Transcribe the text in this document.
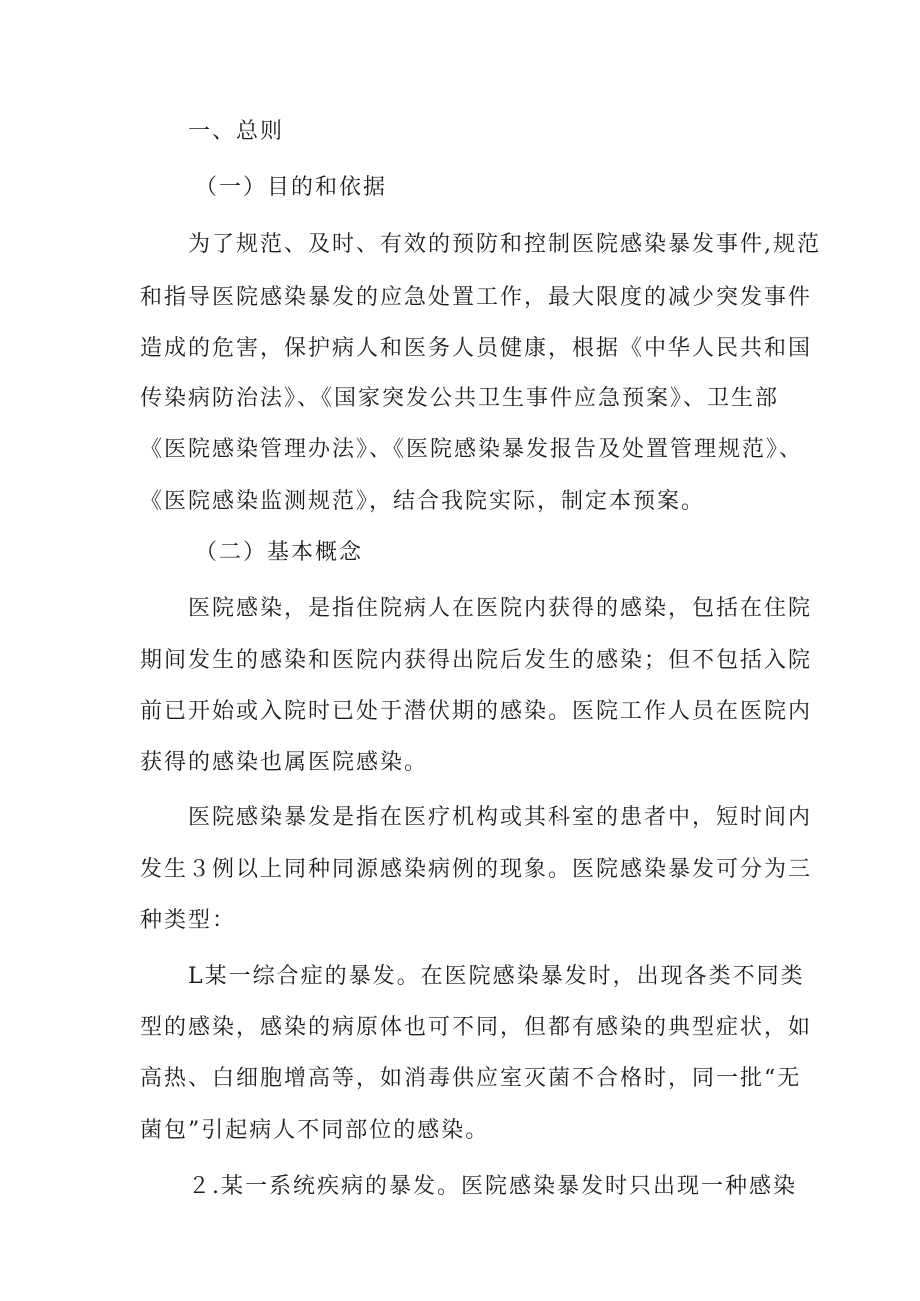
一、总则
（一）目的和依据
为了规范、及时、有效的预防和控制医院感染暴发事件,规范
和指导医院感染暴发的应急处置工作，最大限度的减少突发事件
造成的危害，保护病人和医务人员健康，根据《中华人民共和国
传染病防治法》、《国家突发公共卫生事件应急预案》、卫生部
《医院感染管理办法》、《医院感染暴发报告及处置管理规范》、
《医院感染监测规范》，结合我院实际，制定本预案。
（二）基本概念
医院感染，是指住院病人在医院内获得的感染，包括在住院
期间发生的感染和医院内获得出院后发生的感染；但不包括入院
前已开始或入院时已处于潜伏期的感染。医院工作人员在医院内
获得的感染也属医院感染。
医院感染暴发是指在医疗机构或其科室的患者中，短时间内
发生３例以上同种同源感染病例的现象。医院感染暴发可分为三
种类型：
L某一综合症的暴发。在医院感染暴发时，出现各类不同类
型的感染，感染的病原体也可不同，但都有感染的典型症状，如
高热、白细胞增高等，如消毒供应室灭菌不合格时，同一批“无
菌包”引起病人不同部位的感染。
２.某一系统疾病的暴发。医院感染暴发时只出现一种感染
